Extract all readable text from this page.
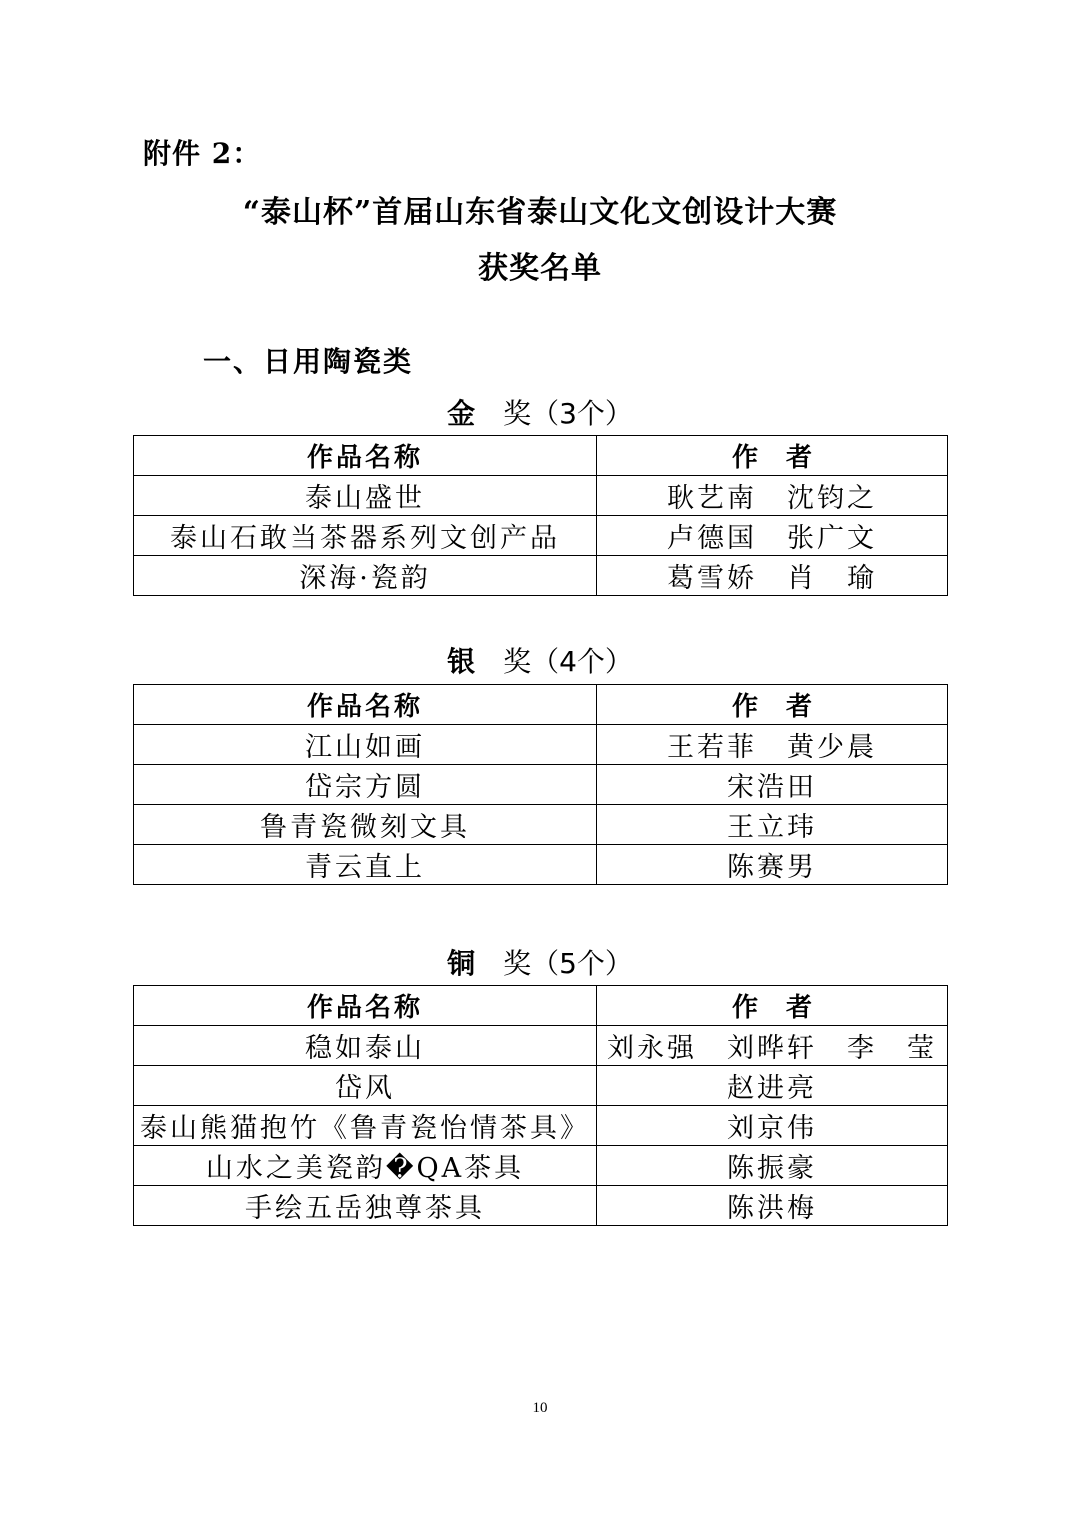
附件 2：
“泰山杯”首届山东省泰山文化文创设计大赛
获奖名单
一、日用陶瓷类
金 奖（3个）
作品名称	作者
泰山盛世	耿艺南　沈钧之
泰山石敢当茶器系列文创产品	卢德国　张广文
深海·瓷韵	葛雪娇　肖　瑜
银 奖（4个）
作品名称	作者
江山如画	王若菲　黄少晨
岱宗方圆	宋浩田
鲁青瓷微刻文具	王立玮
青云直上	陈赛男
铜 奖（5个）
作品名称	作者
稳如泰山	刘永强　刘晔轩　李　莹
岱风	赵进亮
泰山熊猫抱竹《鲁青瓷怡情茶具》	刘京伟
山水之美瓷韵�QA茶具	陈振豪
手绘五岳独尊茶具	陈洪梅
10
